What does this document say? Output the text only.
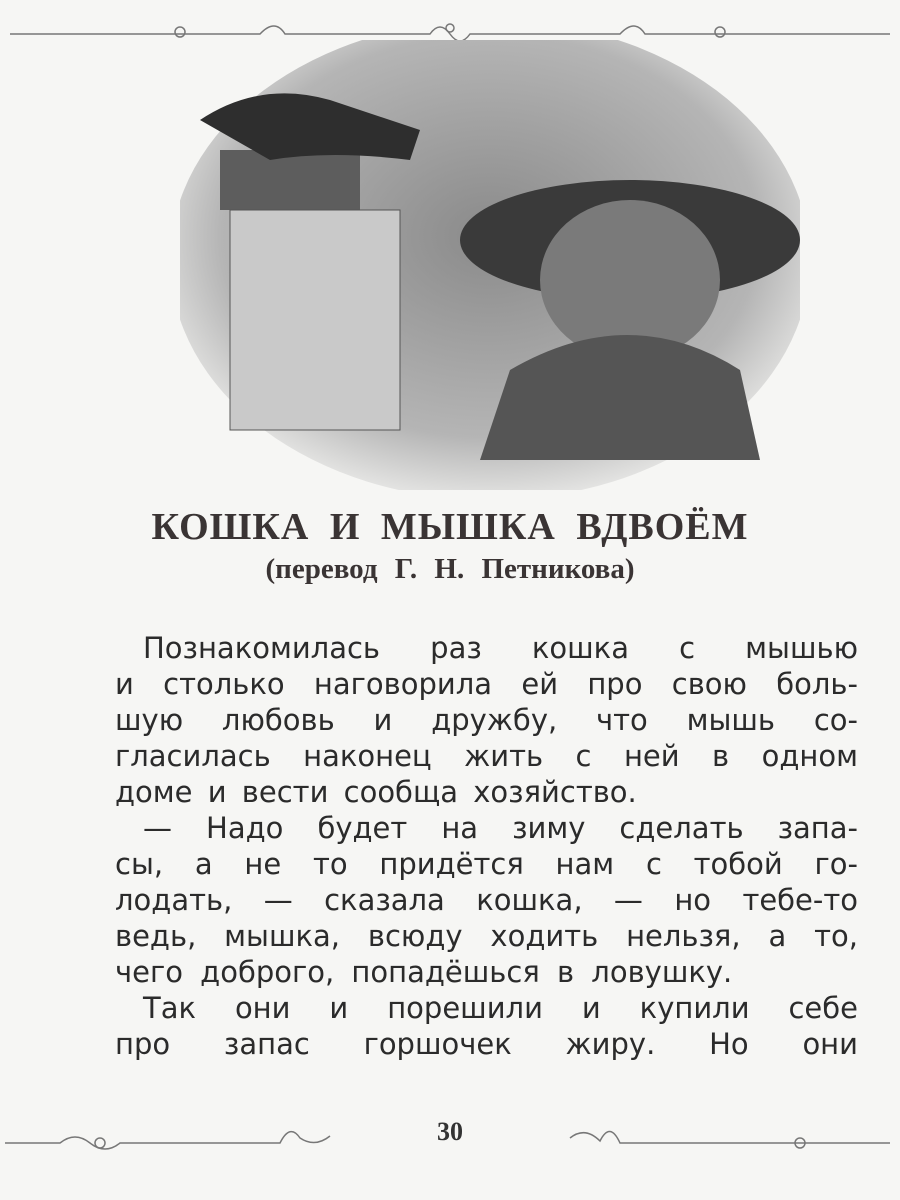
КОШКА И МЫШКА ВДВОЁМ
(перевод Г. Н. Петникова)
Познакомилась раз кошка с мышью
и столько наговорила ей про свою боль-
шую любовь и дружбу, что мышь со-
гласилась наконец жить с ней в одном
доме и вести сообща хозяйство.
— Надо будет на зиму сделать запа-
сы, а не то придётся нам с тобой го-
лодать, — сказала кошка, — но тебе-то
ведь, мышка, всюду ходить нельзя, а то,
чего доброго, попадёшься в ловушку.
Так они и порешили и купили себе
про запас горшочек жиру. Но они
30
